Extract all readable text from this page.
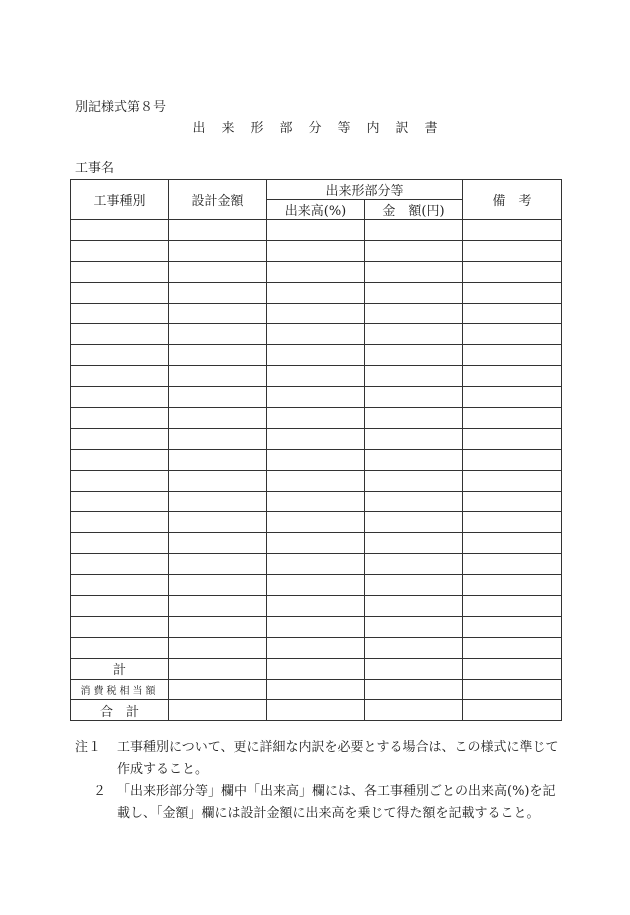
別記様式第８号
出来形部分等内訳書
工事名
工事種別	設計金額	出来形部分等		備　考
		出来高(%)	金　額(円)	

計				
消費税相当額				
合　計				
注１	工事種別について、更に詳細な内訳を必要とする場合は、この様式に準じて作成すること。
２ 「出来形部分等」欄中「出来高」欄には、各工事種別ごとの出来高(%)を記載し、「金額」欄には設計金額に出来高を乗じて得た額を記載すること。
